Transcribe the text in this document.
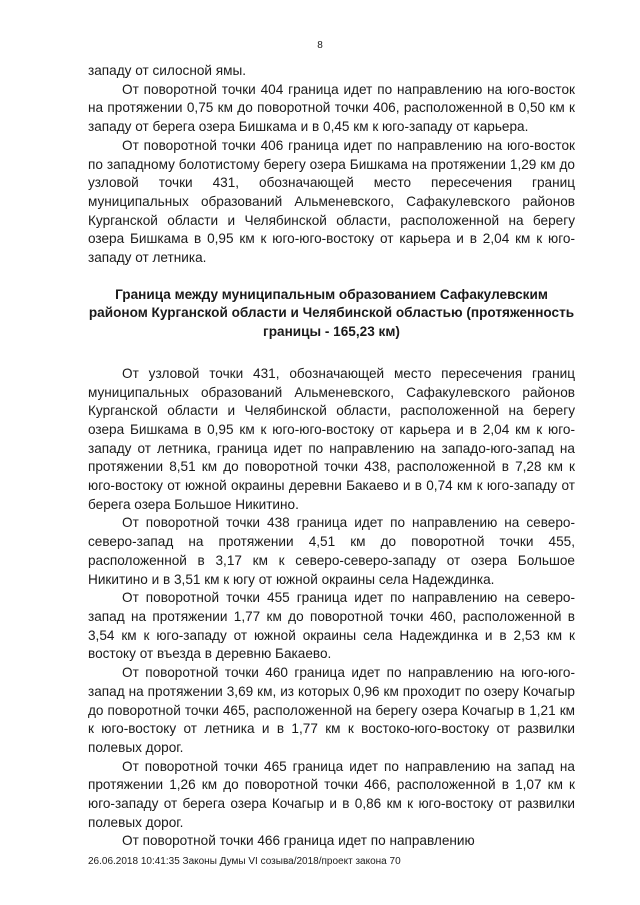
8

западу от силосной ямы.

От поворотной точки 404 граница идет по направлению на юго-восток на протяжении 0,75 км до поворотной точки 406, расположенной в 0,50 км к западу от берега озера Бишкама и в 0,45 км к юго-западу от карьера.

От поворотной точки 406 граница идет по направлению на юго-восток по западному болотистому берегу озера Бишкама на протяжении 1,29 км до узловой точки 431, обозначающей место пересечения границ муниципальных образований Альменевского, Сафакулевского районов Курганской области и Челябинской области, расположенной на берегу озера Бишкама в 0,95 км к юго-юго-востоку от карьера и в 2,04 км к юго-западу от летника.

Граница между муниципальным образованием Сафакулевским районом Курганской области и Челябинской областью (протяженность границы - 165,23 км)

От узловой точки 431, обозначающей место пересечения границ муниципальных образований Альменевского, Сафакулевского районов Курганской области и Челябинской области, расположенной на берегу озера Бишкама в 0,95 км к юго-юго-востоку от карьера и в 2,04 км к юго-западу от летника, граница идет по направлению на западо-юго-запад на протяжении 8,51 км до поворотной точки 438, расположенной в 7,28 км к юго-востоку от южной окраины деревни Бакаево и в 0,74 км к юго-западу от берега озера Большое Никитино.

От поворотной точки 438 граница идет по направлению на северо-северо-запад на протяжении 4,51 км до поворотной точки 455, расположенной в 3,17 км к северо-северо-западу от озера Большое Никитино и в 3,51 км к югу от южной окраины села Надеждинка.

От поворотной точки 455 граница идет по направлению на северо-запад на протяжении 1,77 км до поворотной точки 460, расположенной в 3,54 км к юго-западу от южной окраины села Надеждинка и в 2,53 км к востоку от въезда в деревню Бакаево.

От поворотной точки 460 граница идет по направлению на юго-юго-запад на протяжении 3,69 км, из которых 0,96 км проходит по озеру Кочагыр до поворотной точки 465, расположенной на берегу озера Кочагыр в 1,21 км к юго-востоку от летника и в 1,77 км к востоко-юго-востоку от развилки полевых дорог.

От поворотной точки 465 граница идет по направлению на запад на протяжении 1,26 км до поворотной точки 466, расположенной в 1,07 км к юго-западу от берега озера Кочагыр и в 0,86 км к юго-востоку от развилки полевых дорог.

От поворотной точки 466 граница идет по направлению

26.06.2018 10:41:35 Законы Думы VI созыва/2018/проект закона 70
